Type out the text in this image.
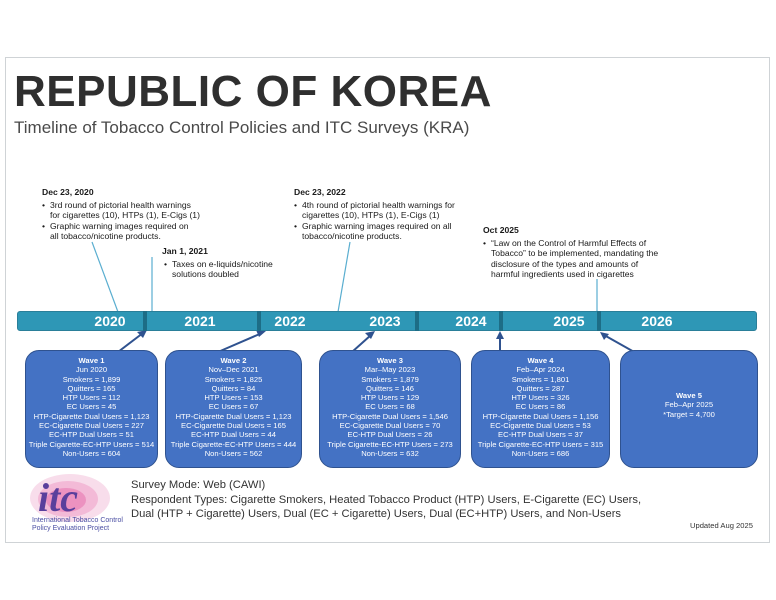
REPUBLIC OF KOREA
Timeline of Tobacco Control Policies and ITC Surveys (KRA)
Dec 23, 2020
• 3rd round of pictorial health warnings
for cigarettes (10), HTPs (1), E-Cigs (1)
• Graphic warning images required on
all tobacco/nicotine products.
Jan 1, 2021
• Taxes on e-liquids/nicotine
solutions doubled
Dec 23, 2022
• 4th round of pictorial health warnings for
cigarettes (10), HTPs (1), E-Cigs (1)
• Graphic warning images required on all
tobacco/nicotine products.
Oct 2025
• “Law on the Control of Harmful Effects of
Tobacco” to be implemented, mandating the
disclosure of the types and amounts of
harmful ingredients used in cigarettes
2020	2021	2022	2023	2024	2025	2026
Wave 1
Jun 2020
Smokers = 1,899
Quitters = 165
HTP Users = 112
EC Users = 45
HTP-Cigarette Dual Users = 1,123
EC-Cigarette Dual Users = 227
EC-HTP Dual Users = 51
Triple Cigarette-EC-HTP Users = 514
Non-Users = 604
Wave 2
Nov–Dec 2021
Smokers = 1,825
Quitters = 84
HTP Users = 153
EC Users = 67
HTP-Cigarette Dual Users = 1,123
EC-Cigarette Dual Users = 165
EC-HTP Dual Users = 44
Triple Cigarette-EC-HTP Users = 444
Non-Users = 562
Wave 3
Mar–May 2023
Smokers = 1,879
Quitters = 146
HTP Users = 129
EC Users = 68
HTP-Cigarette Dual Users = 1,546
EC-Cigarette Dual Users = 70
EC-HTP Dual Users = 26
Triple Cigarette-EC-HTP Users = 273
Non-Users = 632
Wave 4
Feb–Apr 2024
Smokers = 1,801
Quitters = 287
HTP Users = 326
EC Users = 86
HTP-Cigarette Dual Users = 1,156
EC-Cigarette Dual Users = 53
EC-HTP Dual Users = 37
Triple Cigarette-EC-HTP Users = 315
Non-Users = 686
Wave 5
Feb–Apr 2025
*Target = 4,700
itc
International Tobacco Control
Policy Evaluation Project
Survey Mode: Web (CAWI)
Respondent Types: Cigarette Smokers, Heated Tobacco Product (HTP) Users, E-Cigarette (EC) Users,
Dual (HTP + Cigarette) Users, Dual (EC + Cigarette) Users, Dual (EC+HTP) Users, and Non-Users
Updated Aug 2025
